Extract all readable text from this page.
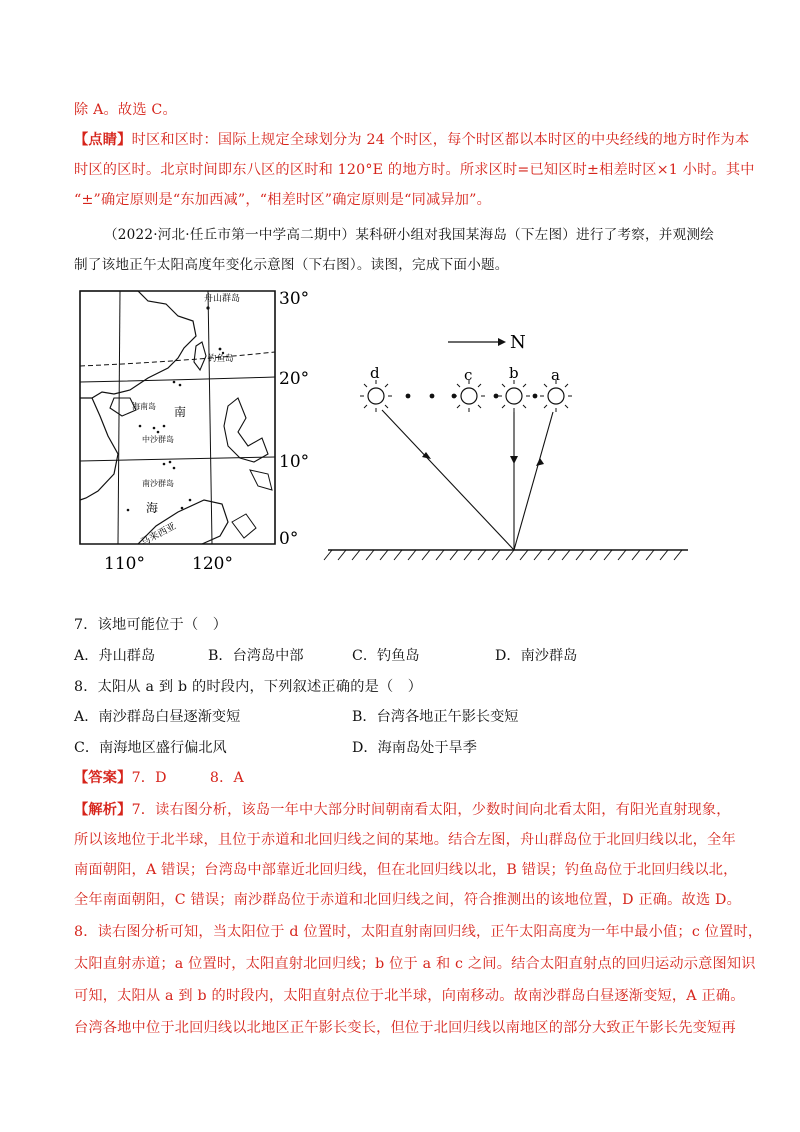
除 A。故选 C。
【点睛】时区和区时：国际上规定全球划分为 24 个时区，每个时区都以本时区的中央经线的地方时作为本
时区的区时。北京时间即东八区的区时和 120°E 的地方时。所求区时=已知区时±相差时区×1 小时。其中
“±”确定原则是“东加西减”，“相差时区”确定原则是“同减异加”。
（2022·河北·任丘市第一中学高二期中）某科研小组对我国某海岛（下左图）进行了考察，并观测绘
制了该地正午太阳高度年变化示意图（下右图）。读图，完成下面小题。
舟山群岛
钓鱼岛
海南岛
中沙群岛
南沙群岛
南
海
马来西亚
30°
20°
10°
0°
110°	120°
N
d	c b a
7．该地可能位于（　）
A．舟山群岛	B．台湾岛中部	C．钓鱼岛	D．南沙群岛
8．太阳从 a 到 b 的时段内，下列叙述正确的是（　）
A．南沙群岛白昼逐渐变短	B．台湾各地正午影长变短
C．南海地区盛行偏北风	D．海南岛处于旱季
【答案】7．D　　　8．A
【解析】7．读右图分析，该岛一年中大部分时间朝南看太阳，少数时间向北看太阳，有阳光直射现象，
所以该地位于北半球，且位于赤道和北回归线之间的某地。结合左图，舟山群岛位于北回归线以北，全年
南面朝阳，A 错误；台湾岛中部靠近北回归线，但在北回归线以北，B 错误；钓鱼岛位于北回归线以北，
全年南面朝阳，C 错误；南沙群岛位于赤道和北回归线之间，符合推测出的该地位置，D 正确。故选 D。
8．读右图分析可知，当太阳位于 d 位置时，太阳直射南回归线，正午太阳高度为一年中最小值；c 位置时，
太阳直射赤道；a 位置时，太阳直射北回归线；b 位于 a 和 c 之间。结合太阳直射点的回归运动示意图知识
可知，太阳从 a 到 b 的时段内，太阳直射点位于北半球，向南移动。故南沙群岛白昼逐渐变短，A 正确。
台湾各地中位于北回归线以北地区正午影长变长，但位于北回归线以南地区的部分大致正午影长先变短再
